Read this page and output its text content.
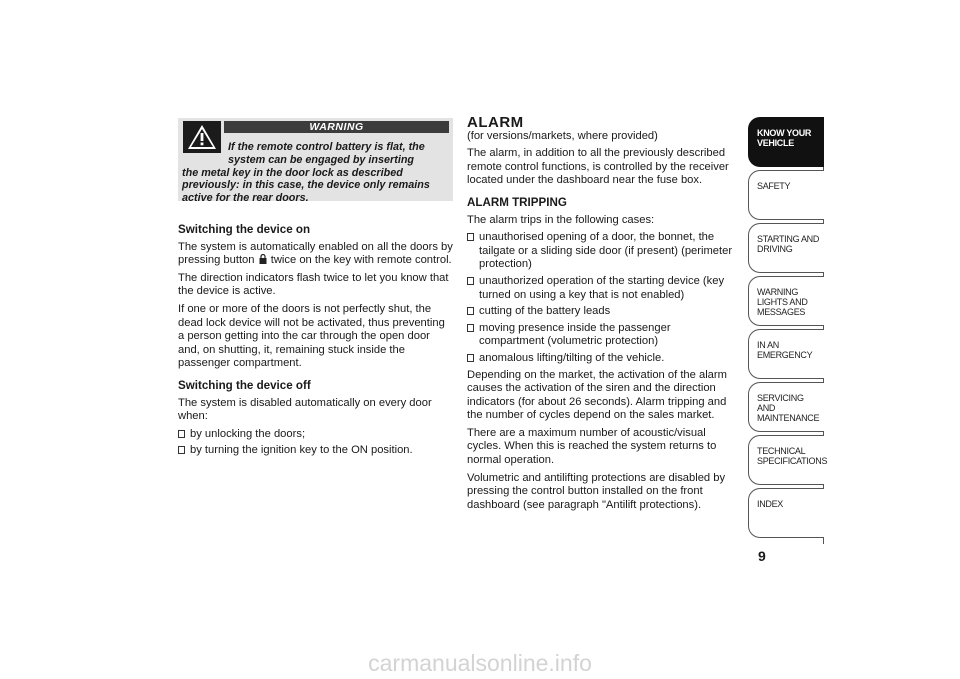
WARNING
If the remote control battery is flat, the
system can be engaged by inserting
the metal key in the door lock as described previously: in this case, the device only remains active for the rear doors.
Switching the device on

The system is automatically enabled on all the doors by pressing button twice on the key with remote control.

The direction indicators flash twice to let you know that the device is active.

If one or more of the doors is not perfectly shut, the dead lock device will not be activated, thus preventing a person getting into the car through the open door and, on shutting, it, remaining stuck inside the passenger compartment.

Switching the device off

The system is disabled automatically on every door when:

by unlocking the doors;
by turning the ignition key to the ON position.
ALARM

(for versions/markets, where provided)

The alarm, in addition to all the previously described remote control functions, is controlled by the receiver located under the dashboard near the fuse box.

ALARM TRIPPING

The alarm trips in the following cases:

unauthorised opening of a door, the bonnet, the tailgate or a sliding side door (if present) (perimeter protection)
unauthorized operation of the starting device (key turned on using a key that is not enabled)
cutting of the battery leads
moving presence inside the passenger compartment (volumetric protection)
anomalous lifting/tilting of the vehicle.

Depending on the market, the activation of the alarm causes the activation of the siren and the direction indicators (for about 26 seconds). Alarm tripping and the number of cycles depend on the sales market.

There are a maximum number of acoustic/visual cycles. When this is reached the system returns to normal operation.

Volumetric and antilifting protections are disabled by pressing the control button installed on the front dashboard (see paragraph "Antilift protections).

KNOW YOUR VEHICLE
SAFETY
STARTING AND DRIVING
WARNING LIGHTS AND MESSAGES
IN AN EMERGENCY
SERVICING AND MAINTENANCE
TECHNICAL SPECIFICATIONS
INDEX
9
carmanualsonline.info
